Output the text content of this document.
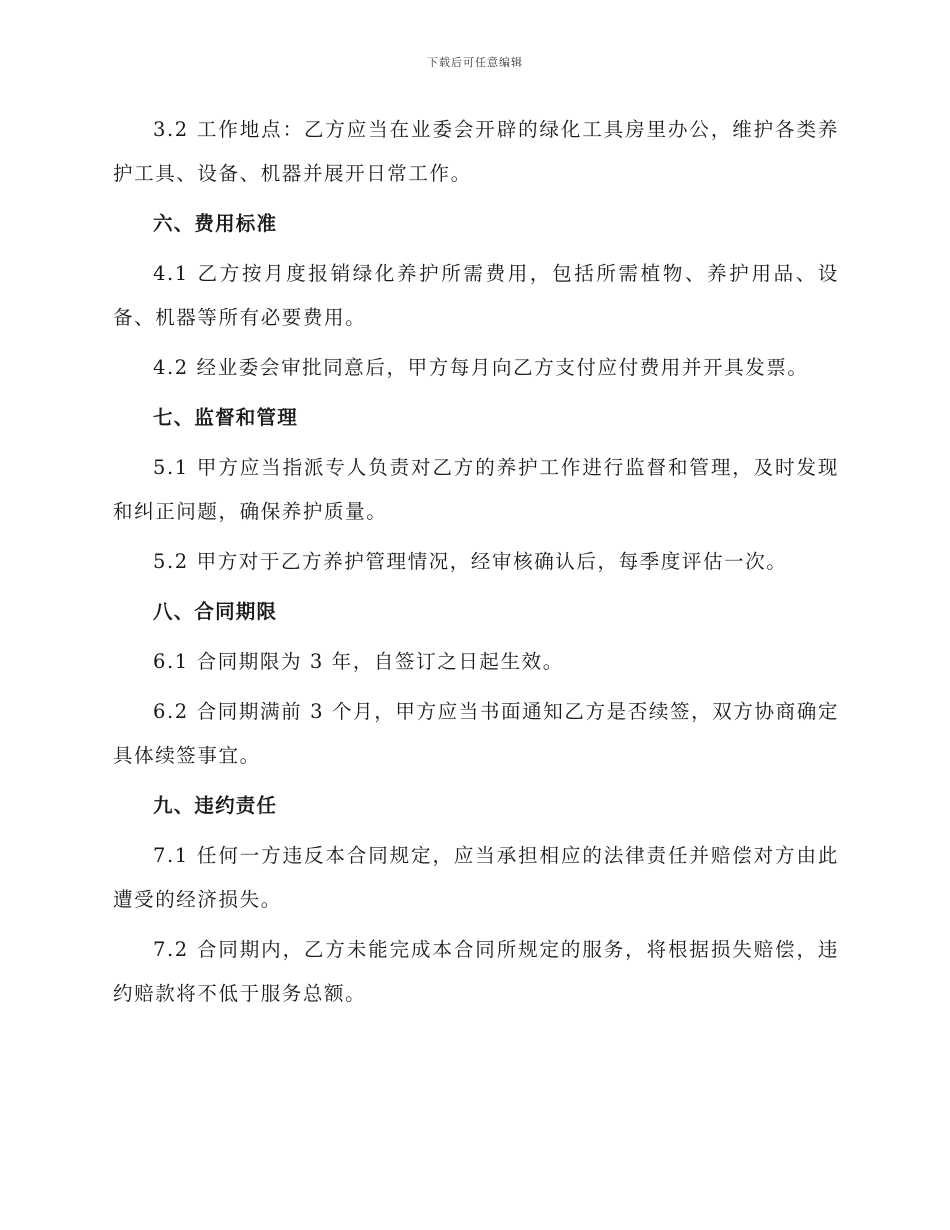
下载后可任意编辑

3.2 工作地点：乙方应当在业委会开辟的绿化工具房里办公，维护各类养护工具、设备、机器并展开日常工作。

六、费用标准

4.1 乙方按月度报销绿化养护所需费用，包括所需植物、养护用品、设备、机器等所有必要费用。

4.2 经业委会审批同意后，甲方每月向乙方支付应付费用并开具发票。

七、监督和管理

5.1 甲方应当指派专人负责对乙方的养护工作进行监督和管理，及时发现和纠正问题，确保养护质量。

5.2 甲方对于乙方养护管理情况，经审核确认后，每季度评估一次。

八、合同期限

6.1 合同期限为 3 年，自签订之日起生效。

6.2 合同期满前 3 个月，甲方应当书面通知乙方是否续签，双方协商确定具体续签事宜。

九、违约责任

7.1 任何一方违反本合同规定，应当承担相应的法律责任并赔偿对方由此遭受的经济损失。

7.2 合同期内，乙方未能完成本合同所规定的服务，将根据损失赔偿，违约赔款将不低于服务总额。
